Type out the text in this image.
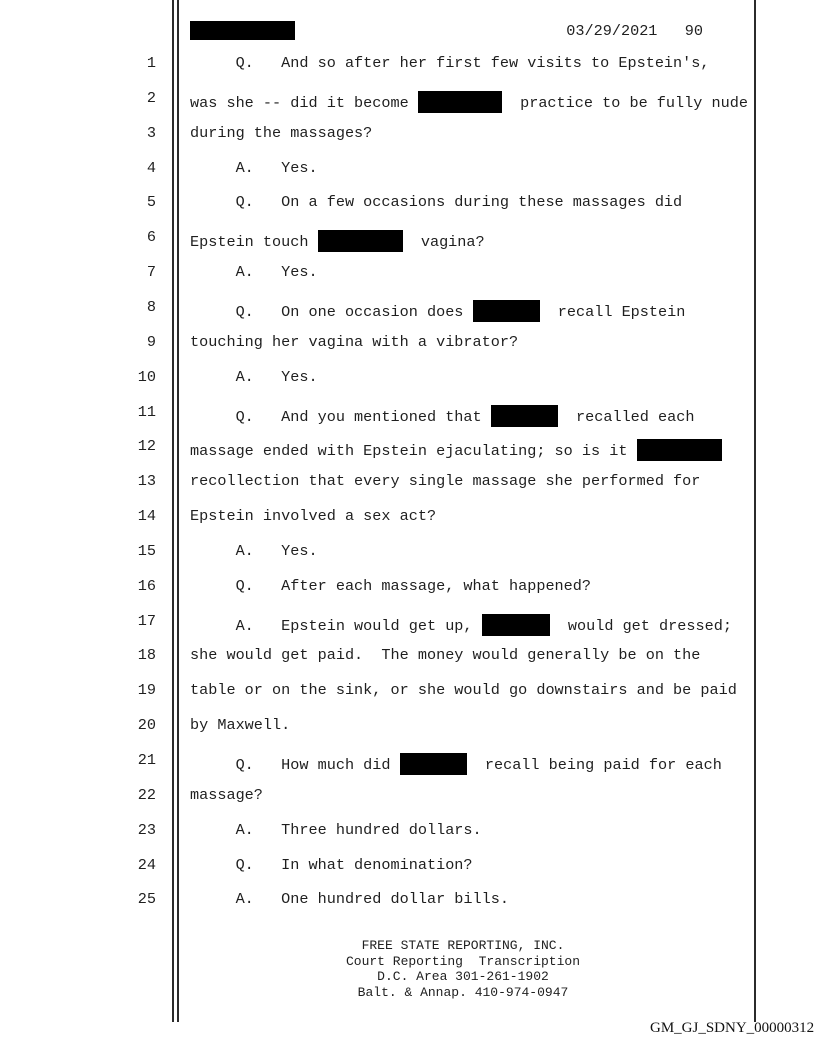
03/29/2021   90
1 Q.   And so after her first few visits to Epstein's,
2 was she -- did it become	practice to be fully nude
3 during the massages?
4 A.   Yes.
5 Q.   On a few occasions during these massages did
6 Epstein touch	vagina?
7 A.   Yes.
8 Q.   On one occasion does	recall Epstein
9 touching her vagina with a vibrator?
10 A.   Yes.
11 Q.   And you mentioned that	recalled each
12 massage ended with Epstein ejaculating; so is it
13 recollection that every single massage she performed for
14 Epstein involved a sex act?
15 A.   Yes.
16 Q.   After each massage, what happened?
17 A.   Epstein would get up,	would get dressed;
18 she would get paid.  The money would generally be on the
19 table or on the sink, or she would go downstairs and be paid
20 by Maxwell.
21 Q.   How much did	recall being paid for each
22 massage?
23 A.   Three hundred dollars.
24 Q.   In what denomination?
25 A.   One hundred dollar bills.
FREE STATE REPORTING, INC.
Court Reporting  Transcription
D.C. Area 301-261-1902
Balt. & Annap. 410-974-0947
GM_GJ_SDNY_00000312
